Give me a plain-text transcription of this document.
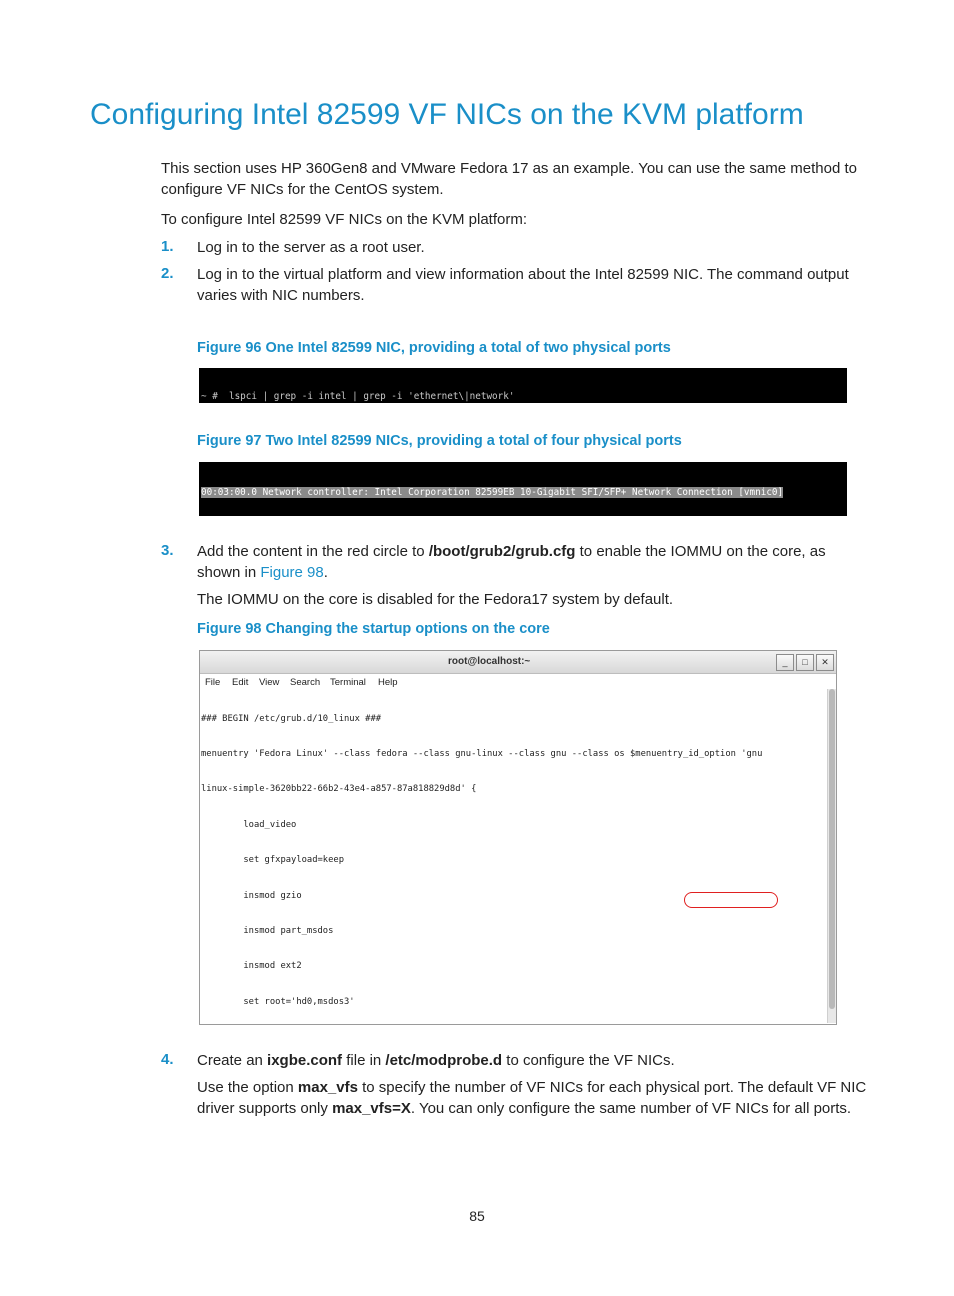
Configuring Intel 82599 VF NICs on the KVM platform
This section uses HP 360Gen8 and VMware Fedora 17 as an example. You can use the same method to configure VF NICs for the CentOS system.
To configure Intel 82599 VF NICs on the KVM platform:
1. Log in to the server as a root user.
2. Log in to the virtual platform and view information about the Intel 82599 NIC. The command output varies with NIC numbers.
Figure 96 One Intel 82599 NIC, providing a total of two physical ports

~ #  lspci | grep -i intel | grep -i 'ethernet\|network'

Figure 97 Two Intel 82599 NICs, providing a total of four physical ports

00:03:00.0 Network controller: Intel Corporation 82599EB 10-Gigabit SFI/SFP+ Network Connection [vmnic0]

3. Add the content in the red circle to /boot/grub2/grub.cfg to enable the IOMMU on the core, as shown in Figure 98.
The IOMMU on the core is disabled for the Fedora17 system by default.
Figure 98 Changing the startup options on the core
root@localhost:~	_	□	✕
File Edit View Search Terminal Help

### BEGIN /etc/grub.d/10_linux ###

menuentry 'Fedora Linux' --class fedora --class gnu-linux --class gnu --class os $menuentry_id_option 'gnu

linux-simple-3620bb22-66b2-43e4-a857-87a818829d8d' {

load_video

set gfxpayload=keep

insmod gzio

insmod part_msdos

insmod ext2

set root='hd0,msdos3'

4. Create an ixgbe.conf file in /etc/modprobe.d to configure the VF NICs.
Use the option max_vfs to specify the number of VF NICs for each physical port. The default VF NIC driver supports only max_vfs=X. You can only configure the same number of VF NICs for all ports.
85
